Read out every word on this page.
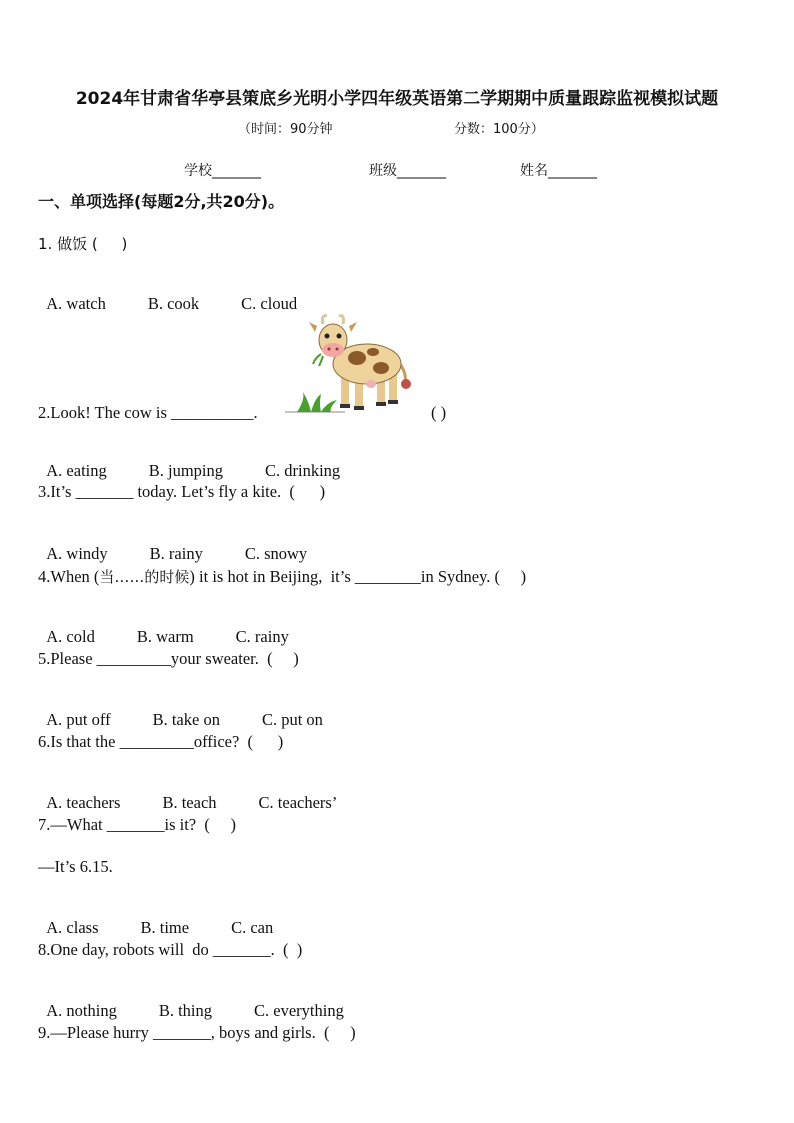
2024年甘肃省华亭县策底乡光明小学四年级英语第二学期期中质量跟踪监视模拟试题
（时间：90分钟	分数：100分）
学校_______	班级_______	姓名_______
一、单项选择(每题2分,共20分)。
1. 做饭 (     )

A. watch	B. cook	C. cloud

2.Look! The cow is __________.	( )

A. eating	B. jumping	C. drinking

3.It’s _______ today. Let’s fly a kite.  (      )

A. windy	B. rainy	C. snowy

4.When (当……的时候) it is hot in Beijing,  it’s ________in Sydney. (     )

A. cold	B. warm	C. rainy

5.Please _________your sweater.  (     )

A. put off	B. take on	C. put on

6.Is that the _________office?  (      )

A. teachers	B. teach	C. teachers’

7.—What _______is it?  (     )
—It’s 6.15.

A. class	B. time	C. can

8.One day, robots will  do _______.  (  )

A. nothing	B. thing	C. everything

9.—Please hurry _______, boys and girls.  (     )
